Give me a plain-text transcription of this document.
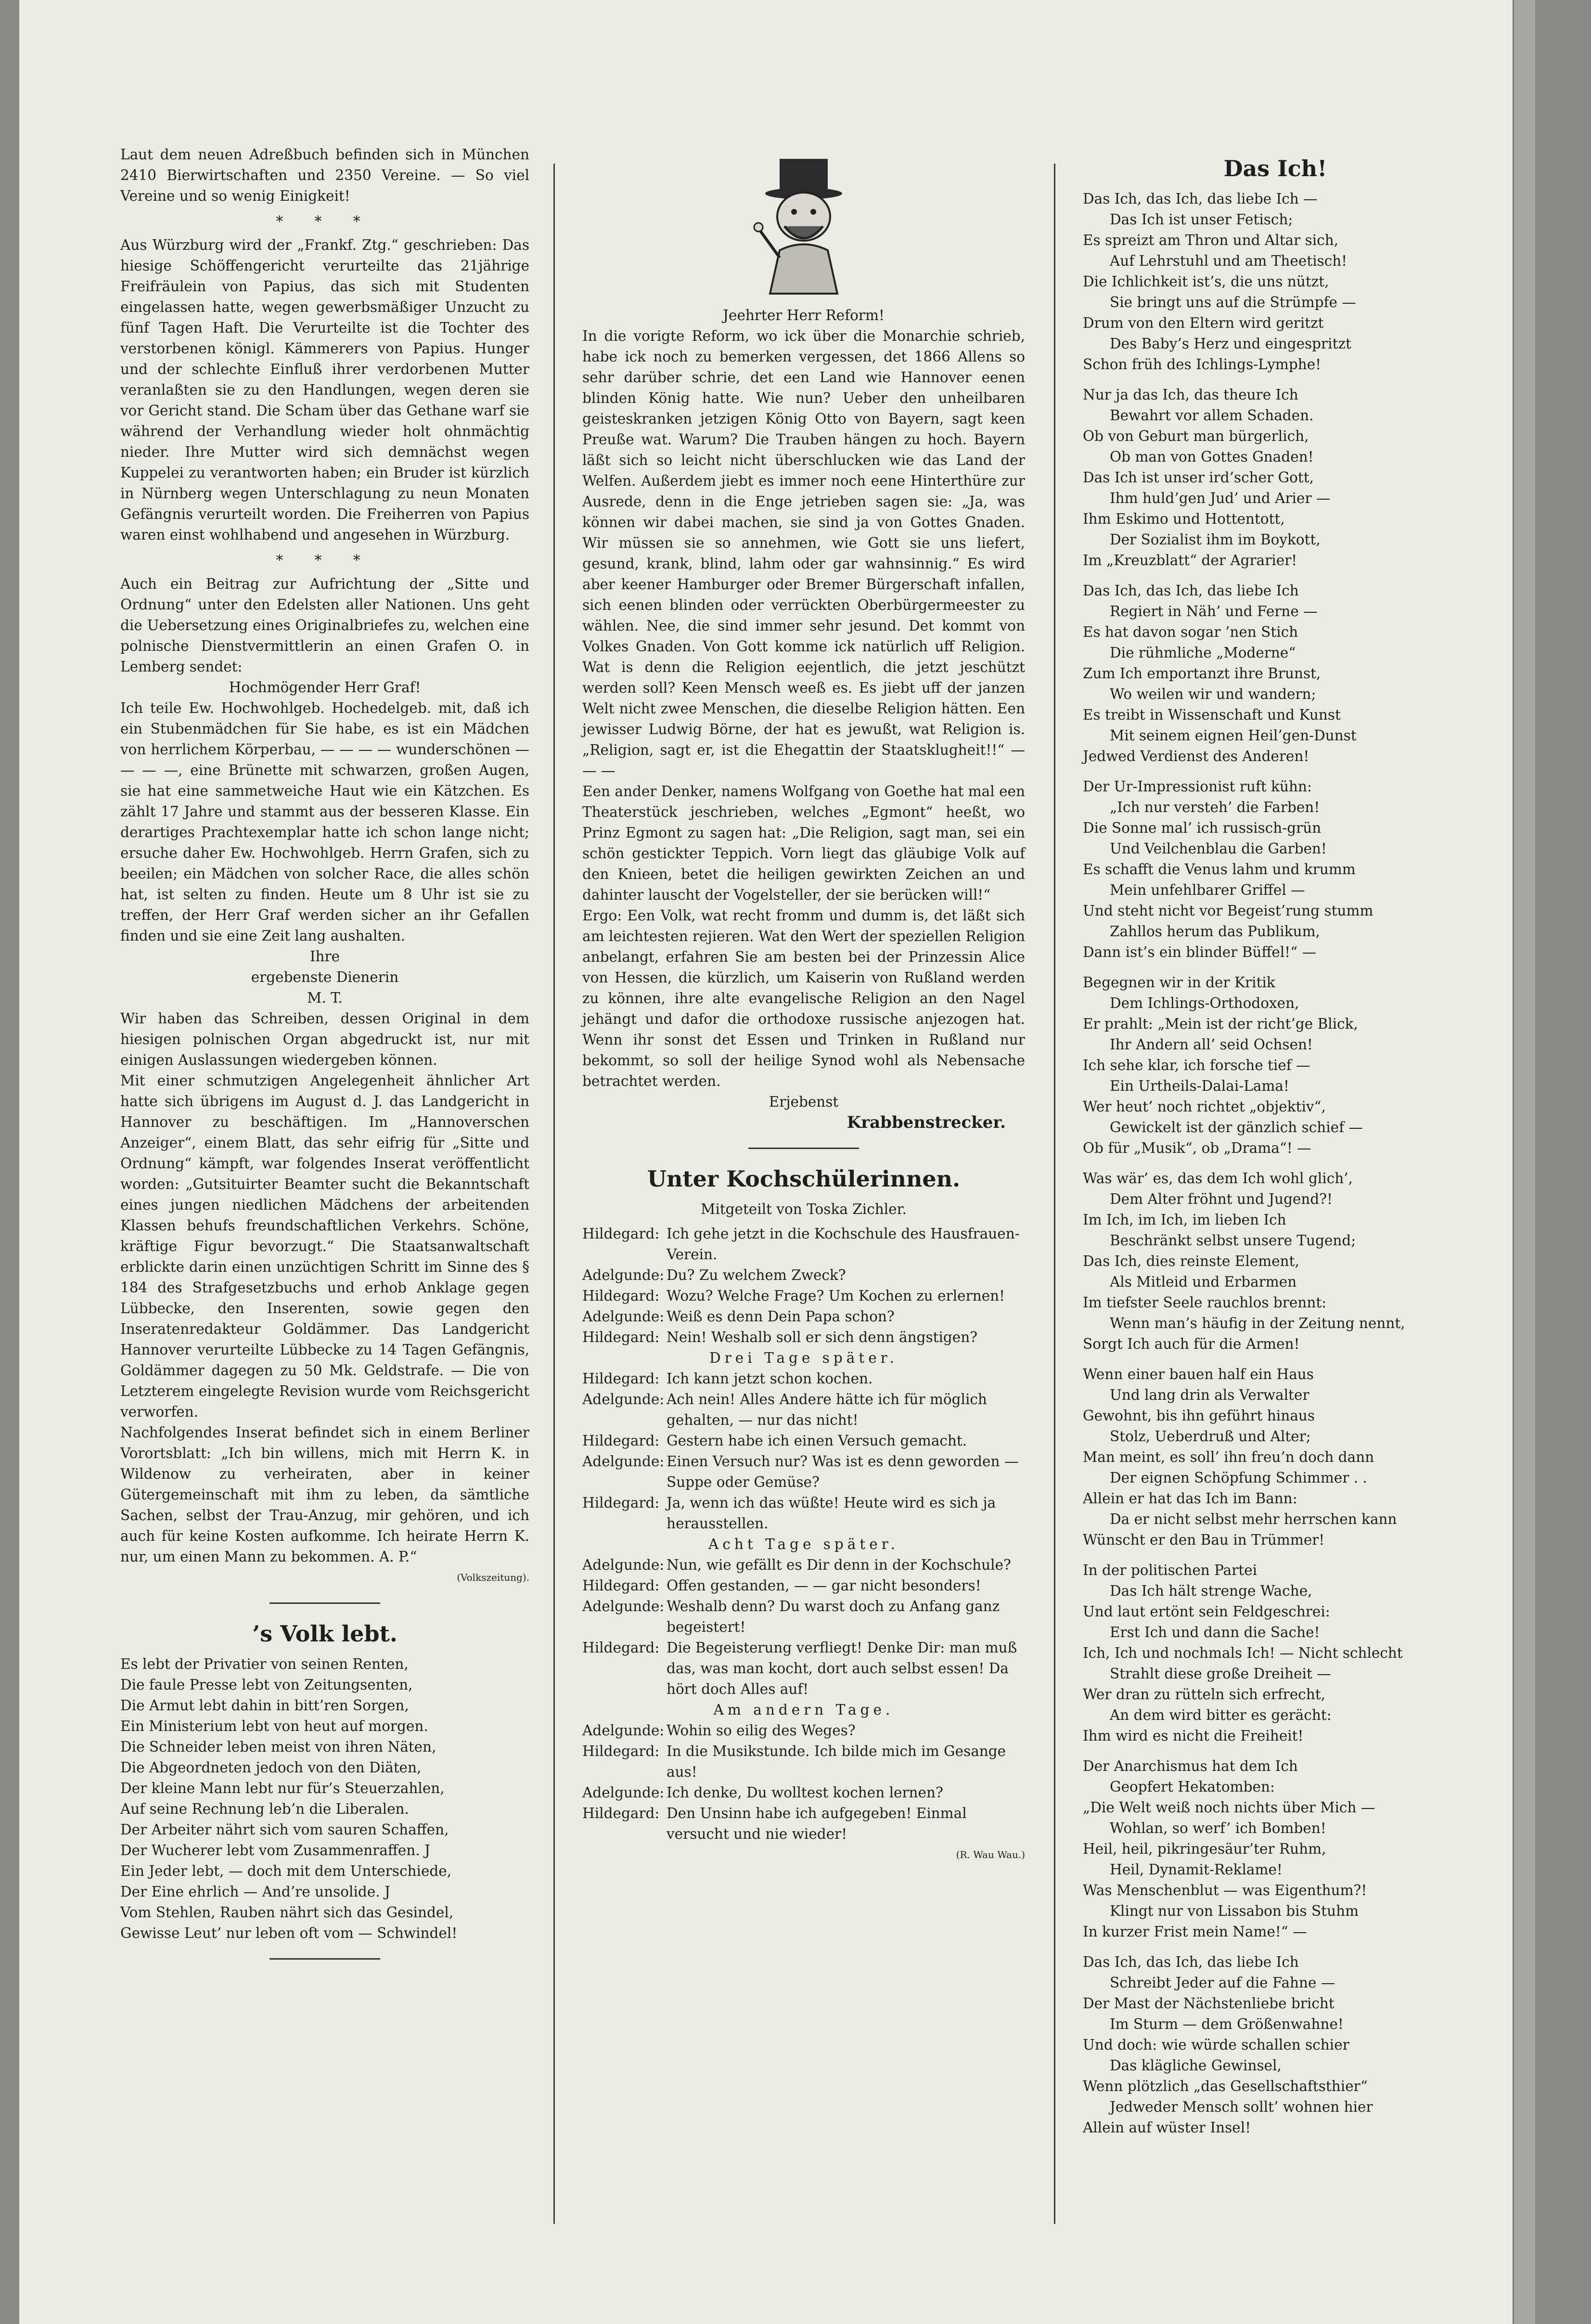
Laut dem neuen Adreßbuch befinden sich in München 2410 Bierwirtschaften und 2350 Vereine. — So viel Vereine und so wenig Einigkeit!

* * *

Aus Würzburg wird der „Frankf. Ztg.“ geschrieben: Das hiesige Schöffengericht verurteilte das 21jährige Freifräulein von Papius, das sich mit Studenten eingelassen hatte, wegen gewerbsmäßiger Unzucht zu fünf Tagen Haft. Die Verurteilte ist die Tochter des verstorbenen königl. Kämmerers von Papius. Hunger und der schlechte Einfluß ihrer verdorbenen Mutter veranlaßten sie zu den Handlungen, wegen deren sie vor Gericht stand. Die Scham über das Gethane warf sie während der Verhandlung wieder holt ohnmächtig nieder. Ihre Mutter wird sich demnächst wegen Kuppelei zu verantworten haben; ein Bruder ist kürzlich in Nürnberg wegen Unterschlagung zu neun Monaten Gefängnis verurteilt worden. Die Freiherren von Papius waren einst wohlhabend und angesehen in Würzburg.

* * *

Auch ein Beitrag zur Aufrichtung der „Sitte und Ordnung“ unter den Edelsten aller Nationen. Uns geht die Uebersetzung eines Originalbriefes zu, welchen eine polnische Dienstvermittlerin an einen Grafen O. in Lemberg sendet:

Hochmögender Herr Graf!

Ich teile Ew. Hochwohlgeb. Hochedelgeb. mit, daß ich ein Stubenmädchen für Sie habe, es ist ein Mädchen von herrlichem Körperbau, — — — — wunderschönen — — — —, eine Brünette mit schwarzen, großen Augen, sie hat eine sammetweiche Haut wie ein Kätzchen. Es zählt 17 Jahre und stammt aus der besseren Klasse. Ein derartiges Prachtexemplar hatte ich schon lange nicht; ersuche daher Ew. Hochwohlgeb. Herrn Grafen, sich zu beeilen; ein Mädchen von solcher Race, die alles schön hat, ist selten zu finden. Heute um 8 Uhr ist sie zu treffen, der Herr Graf werden sicher an ihr Gefallen finden und sie eine Zeit lang aushalten.

Ihre

ergebenste Dienerin

M. T.

Wir haben das Schreiben, dessen Original in dem hiesigen polnischen Organ abgedruckt ist, nur mit einigen Auslassungen wiedergeben können.

Mit einer schmutzigen Angelegenheit ähnlicher Art hatte sich übrigens im August d. J. das Landgericht in Hannover zu beschäftigen. Im „Hannoverschen Anzeiger“, einem Blatt, das sehr eifrig für „Sitte und Ordnung“ kämpft, war folgendes Inserat veröffentlicht worden: „Gutsituirter Beamter sucht die Bekanntschaft eines jungen niedlichen Mädchens der arbeitenden Klassen behufs freundschaftlichen Verkehrs. Schöne, kräftige Figur bevorzugt.“ Die Staatsanwaltschaft erblickte darin einen unzüchtigen Schritt im Sinne des § 184 des Strafgesetzbuchs und erhob Anklage gegen Lübbecke, den Inserenten, sowie gegen den Inseratenredakteur Goldämmer. Das Landgericht Hannover verurteilte Lübbecke zu 14 Tagen Gefängnis, Goldämmer dagegen zu 50 Mk. Geldstrafe. — Die von Letzterem eingelegte Revision wurde vom Reichsgericht verworfen.

Nachfolgendes Inserat befindet sich in einem Berliner Vorortsblatt: „Ich bin willens, mich mit Herrn K. in Wildenow zu verheiraten, aber in keiner Gütergemeinschaft mit ihm zu leben, da sämtliche Sachen, selbst der Trau-Anzug, mir gehören, und ich auch für keine Kosten aufkomme. Ich heirate Herrn K. nur, um einen Mann zu bekommen. A. P.“

(Volkszeitung).

’s Volk lebt.
Es lebt der Privatier von seinen Renten,
Die faule Presse lebt von Zeitungsenten,
Die Armut lebt dahin in bitt’ren Sorgen,
Ein Ministerium lebt von heut auf morgen.
Die Schneider leben meist von ihren Näten,
Die Abgeordneten jedoch von den Diäten,
Der kleine Mann lebt nur für’s Steuerzahlen,
Auf seine Rechnung leb’n die Liberalen.
Der Arbeiter nährt sich vom sauren Schaffen,
Der Wucherer lebt vom Zusammenraffen. J
Ein Jeder lebt, — doch mit dem Unterschiede,
Der Eine ehrlich — And’re unsolide. J
Vom Stehlen, Rauben nährt sich das Gesindel,
Gewisse Leut’ nur leben oft vom — Schwindel!

Jeehrter Herr Reform!

In die vorigte Reform, wo ick über die Monarchie schrieb, habe ick noch zu bemerken vergessen, det 1866 Allens so sehr darüber schrie, det een Land wie Hannover eenen blinden König hatte. Wie nun? Ueber den unheilbaren geisteskranken jetzigen König Otto von Bayern, sagt keen Preuße wat. Warum? Die Trauben hängen zu hoch. Bayern läßt sich so leicht nicht überschlucken wie das Land der Welfen. Außerdem jiebt es immer noch eene Hinterthüre zur Ausrede, denn in die Enge jetrieben sagen sie: „Ja, was können wir dabei machen, sie sind ja von Gottes Gnaden. Wir müssen sie so annehmen, wie Gott sie uns liefert, gesund, krank, blind, lahm oder gar wahnsinnig.“ Es wird aber keener Hamburger oder Bremer Bürgerschaft infallen, sich eenen blinden oder verrückten Oberbürgermeester zu wählen. Nee, die sind immer sehr jesund. Det kommt von Volkes Gnaden. Von Gott komme ick natürlich uff Religion. Wat is denn die Religion eejentlich, die jetzt jeschützt werden soll? Keen Mensch weeß es. Es jiebt uff der janzen Welt nicht zwee Menschen, die dieselbe Religion hätten. Een jewisser Ludwig Börne, der hat es jewußt, wat Religion is. „Religion, sagt er, ist die Ehegattin der Staatsklugheit!!“ — — —

Een ander Denker, namens Wolfgang von Goethe hat mal een Theaterstück jeschrieben, welches „Egmont“ heeßt, wo Prinz Egmont zu sagen hat: „Die Religion, sagt man, sei ein schön gestickter Teppich. Vorn liegt das gläubige Volk auf den Knieen, betet die heiligen gewirkten Zeichen an und dahinter lauscht der Vogelsteller, der sie berücken will!“

Ergo: Een Volk, wat recht fromm und dumm is, det läßt sich am leichtesten rejieren. Wat den Wert der speziellen Religion anbelangt, erfahren Sie am besten bei der Prinzessin Alice von Hessen, die kürzlich, um Kaiserin von Rußland werden zu können, ihre alte evangelische Religion an den Nagel jehängt und dafor die orthodoxe russische anjezogen hat. Wenn ihr sonst det Essen und Trinken in Rußland nur bekommt, so soll der heilige Synod wohl als Nebensache betrachtet werden.

Erjebenst

Krabbenstrecker.

Unter Kochschülerinnen.
Mitgeteilt von Toska Zichler.
Hildegard: Ich gehe jetzt in die Kochschule des Hausfrauen-Verein.
Adelgunde: Du? Zu welchem Zweck?
Hildegard: Wozu? Welche Frage? Um Kochen zu erlernen!
Adelgunde: Weiß es denn Dein Papa schon?
Hildegard: Nein! Weshalb soll er sich denn ängstigen?

Drei Tage später.

Hildegard: Ich kann jetzt schon kochen.
Adelgunde: Ach nein! Alles Andere hätte ich für möglich gehalten, — nur das nicht!
Hildegard: Gestern habe ich einen Versuch gemacht.
Adelgunde: Einen Versuch nur? Was ist es denn geworden — Suppe oder Gemüse?
Hildegard: Ja, wenn ich das wüßte! Heute wird es sich ja herausstellen.

Acht Tage später.

Adelgunde: Nun, wie gefällt es Dir denn in der Kochschule?
Hildegard: Offen gestanden, — — gar nicht besonders!
Adelgunde: Weshalb denn? Du warst doch zu Anfang ganz begeistert!
Hildegard: Die Begeisterung verfliegt! Denke Dir: man muß das, was man kocht, dort auch selbst essen! Da hört doch Alles auf!

Am andern Tage.

Adelgunde: Wohin so eilig des Weges?
Hildegard: In die Musikstunde. Ich bilde mich im Gesange aus!
Adelgunde: Ich denke, Du wolltest kochen lernen?
Hildegard: Den Unsinn habe ich aufgegeben! Einmal versucht und nie wieder!

(R. Wau Wau.)

Das Ich!
Das Ich, das Ich, das liebe Ich —
Das Ich ist unser Fetisch;
Es spreizt am Thron und Altar sich,
Auf Lehrstuhl und am Theetisch!
Die Ichlichkeit ist’s, die uns nützt,
Sie bringt uns auf die Strümpfe —
Drum von den Eltern wird geritzt
Des Baby’s Herz und eingespritzt
Schon früh des Ichlings-Lymphe!

Nur ja das Ich, das theure Ich
Bewahrt vor allem Schaden.
Ob von Geburt man bürgerlich,
Ob man von Gottes Gnaden!
Das Ich ist unser ird’scher Gott,
Ihm huld’gen Jud’ und Arier —
Ihm Eskimo und Hottentott,
Der Sozialist ihm im Boykott,
Im „Kreuzblatt“ der Agrarier!

Das Ich, das Ich, das liebe Ich
Regiert in Näh’ und Ferne —
Es hat davon sogar ’nen Stich
Die rühmliche „Moderne“
Zum Ich emportanzt ihre Brunst,
Wo weilen wir und wandern;
Es treibt in Wissenschaft und Kunst
Mit seinem eignen Heil’gen-Dunst
Jedwed Verdienst des Anderen!

Der Ur-Impressionist ruft kühn:
„Ich nur versteh’ die Farben!
Die Sonne mal’ ich russisch-grün
Und Veilchenblau die Garben!
Es schafft die Venus lahm und krumm
Mein unfehlbarer Griffel —
Und steht nicht vor Begeist’rung stumm
Zahllos herum das Publikum,
Dann ist’s ein blinder Büffel!“ —

Begegnen wir in der Kritik
Dem Ichlings-Orthodoxen,
Er prahlt: „Mein ist der richt’ge Blick,
Ihr Andern all’ seid Ochsen!
Ich sehe klar, ich forsche tief —
Ein Urtheils-Dalai-Lama!
Wer heut’ noch richtet „objektiv“,
Gewickelt ist der gänzlich schief —
Ob für „Musik“, ob „Drama“! —

Was wär’ es, das dem Ich wohl glich’,
Dem Alter fröhnt und Jugend?!
Im Ich, im Ich, im lieben Ich
Beschränkt selbst unsere Tugend;
Das Ich, dies reinste Element,
Als Mitleid und Erbarmen
Im tiefster Seele rauchlos brennt:
Wenn man’s häufig in der Zeitung nennt,
Sorgt Ich auch für die Armen!

Wenn einer bauen half ein Haus
Und lang drin als Verwalter
Gewohnt, bis ihn geführt hinaus
Stolz, Ueberdruß und Alter;
Man meint, es soll’ ihn freu’n doch dann
Der eignen Schöpfung Schimmer . .
Allein er hat das Ich im Bann:
Da er nicht selbst mehr herrschen kann
Wünscht er den Bau in Trümmer!

In der politischen Partei
Das Ich hält strenge Wache,
Und laut ertönt sein Feldgeschrei:
Erst Ich und dann die Sache!
Ich, Ich und nochmals Ich! — Nicht schlecht
Strahlt diese große Dreiheit —
Wer dran zu rütteln sich erfrecht,
An dem wird bitter es gerächt:
Ihm wird es nicht die Freiheit!

Der Anarchismus hat dem Ich
Geopfert Hekatomben:
„Die Welt weiß noch nichts über Mich —
Wohlan, so werf’ ich Bomben!
Heil, heil, pikringesäur’ter Ruhm,
Heil, Dynamit-Reklame!
Was Menschenblut — was Eigenthum?!
Klingt nur von Lissabon bis Stuhm
In kurzer Frist mein Name!“ —

Das Ich, das Ich, das liebe Ich
Schreibt Jeder auf die Fahne —
Der Mast der Nächstenliebe bricht
Im Sturm — dem Größenwahne!
Und doch: wie würde schallen schier
Das klägliche Gewinsel,
Wenn plötzlich „das Gesellschaftsthier“
Jedweder Mensch sollt’ wohnen hier
Allein auf wüster Insel!
